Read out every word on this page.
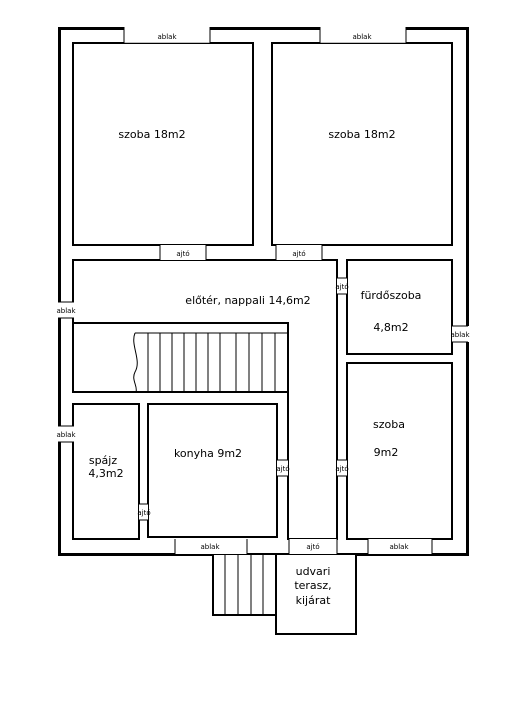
ablak	ablak
ablak	ajtó	ablak
ablak
ablak
ablak
ajtó	ajtó
ajtó
ajtó
ajtó
ajtó
szoba 18m2	szoba 18m2
előtér, nappali 14,6m2	fürdőszoba
4,8m2
szoba
9m2
spájz
4,3m2
konyha 9m2
udvari
terasz,
kijárat
